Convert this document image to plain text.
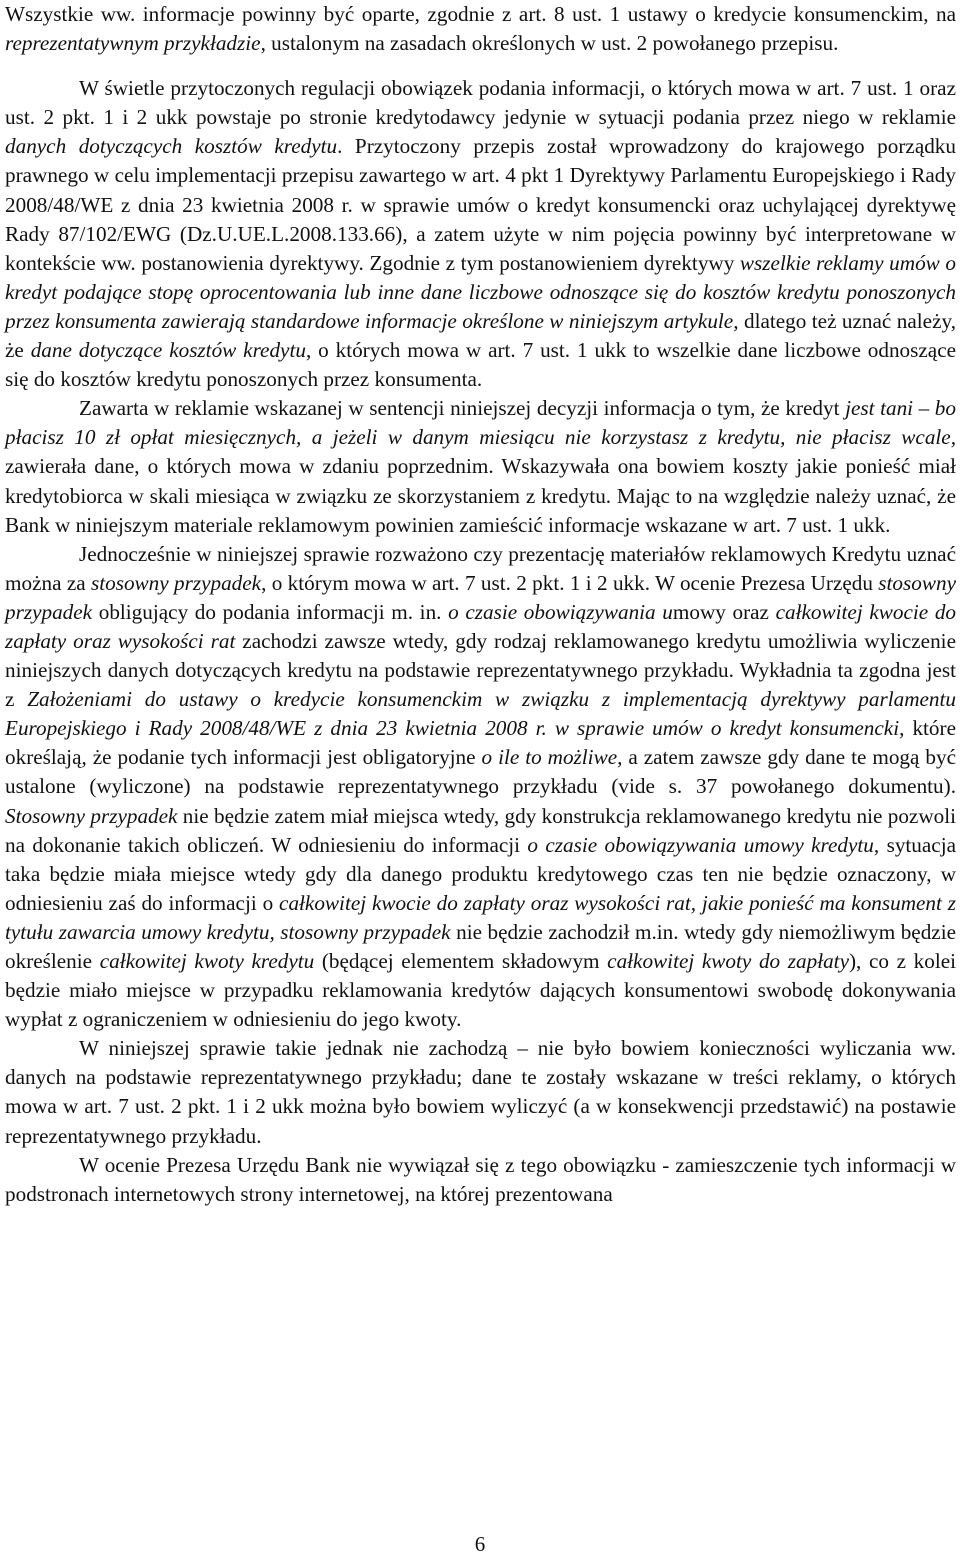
Wszystkie ww. informacje powinny być oparte, zgodnie z art. 8 ust. 1 ustawy o kredycie konsumenckim, na reprezentatywnym przykładzie, ustalonym na zasadach określonych w ust. 2 powołanego przepisu.

W świetle przytoczonych regulacji obowiązek podania informacji, o których mowa w art. 7 ust. 1 oraz ust. 2 pkt. 1 i 2 ukk powstaje po stronie kredytodawcy jedynie w sytuacji podania przez niego w reklamie danych dotyczących kosztów kredytu. Przytoczony przepis został wprowadzony do krajowego porządku prawnego w celu implementacji przepisu zawartego w art. 4 pkt 1 Dyrektywy Parlamentu Europejskiego i Rady 2008/48/WE z dnia 23 kwietnia 2008 r. w sprawie umów o kredyt konsumencki oraz uchylającej dyrektywę Rady 87/102/EWG (Dz.U.UE.L.2008.133.66), a zatem użyte w nim pojęcia powinny być interpretowane w kontekście ww. postanowienia dyrektywy. Zgodnie z tym postanowieniem dyrektywy wszelkie reklamy umów o kredyt podające stopę oprocentowania lub inne dane liczbowe odnoszące się do kosztów kredytu ponoszonych przez konsumenta zawierają standardowe informacje określone w niniejszym artykule, dlatego też uznać należy, że dane dotyczące kosztów kredytu, o których mowa w art. 7 ust. 1 ukk to wszelkie dane liczbowe odnoszące się do kosztów kredytu ponoszonych przez konsumenta.

Zawarta w reklamie wskazanej w sentencji niniejszej decyzji informacja o tym, że kredyt jest tani – bo płacisz 10 zł opłat miesięcznych, a jeżeli w danym miesiącu nie korzystasz z kredytu, nie płacisz wcale, zawierała dane, o których mowa w zdaniu poprzednim. Wskazywała ona bowiem koszty jakie ponieść miał kredytobiorca w skali miesiąca w związku ze skorzystaniem z kredytu. Mając to na względzie należy uznać, że Bank w niniejszym materiale reklamowym powinien zamieścić informacje wskazane w art. 7 ust. 1 ukk.

Jednocześnie w niniejszej sprawie rozważono czy prezentację materiałów reklamowych Kredytu uznać można za stosowny przypadek, o którym mowa w art. 7 ust. 2 pkt. 1 i 2 ukk. W ocenie Prezesa Urzędu stosowny przypadek obligujący do podania informacji m. in. o czasie obowiązywania umowy oraz całkowitej kwocie do zapłaty oraz wysokości rat zachodzi zawsze wtedy, gdy rodzaj reklamowanego kredytu umożliwia wyliczenie niniejszych danych dotyczących kredytu na podstawie reprezentatywnego przykładu. Wykładnia ta zgodna jest z Założeniami do ustawy o kredycie konsumenckim w związku z implementacją dyrektywy parlamentu Europejskiego i Rady 2008/48/WE z dnia 23 kwietnia 2008 r. w sprawie umów o kredyt konsumencki, które określają, że podanie tych informacji jest obligatoryjne o ile to możliwe, a zatem zawsze gdy dane te mogą być ustalone (wyliczone) na podstawie reprezentatywnego przykładu (vide s. 37 powołanego dokumentu). Stosowny przypadek nie będzie zatem miał miejsca wtedy, gdy konstrukcja reklamowanego kredytu nie pozwoli na dokonanie takich obliczeń. W odniesieniu do informacji o czasie obowiązywania umowy kredytu, sytuacja taka będzie miała miejsce wtedy gdy dla danego produktu kredytowego czas ten nie będzie oznaczony, w odniesieniu zaś do informacji o całkowitej kwocie do zapłaty oraz wysokości rat, jakie ponieść ma konsument z tytułu zawarcia umowy kredytu, stosowny przypadek nie będzie zachodził m.in. wtedy gdy niemożliwym będzie określenie całkowitej kwoty kredytu (będącej elementem składowym całkowitej kwoty do zapłaty), co z kolei będzie miało miejsce w przypadku reklamowania kredytów dających konsumentowi swobodę dokonywania wypłat z ograniczeniem w odniesieniu do jego kwoty.

W niniejszej sprawie takie jednak nie zachodzą – nie było bowiem konieczności wyliczania ww. danych na podstawie reprezentatywnego przykładu; dane te zostały wskazane w treści reklamy, o których mowa w art. 7 ust. 2 pkt. 1 i 2 ukk można było bowiem wyliczyć (a w konsekwencji przedstawić) na postawie reprezentatywnego przykładu.

W ocenie Prezesa Urzędu Bank nie wywiązał się z tego obowiązku - zamieszczenie tych informacji w podstronach internetowych strony internetowej, na której prezentowana

6
